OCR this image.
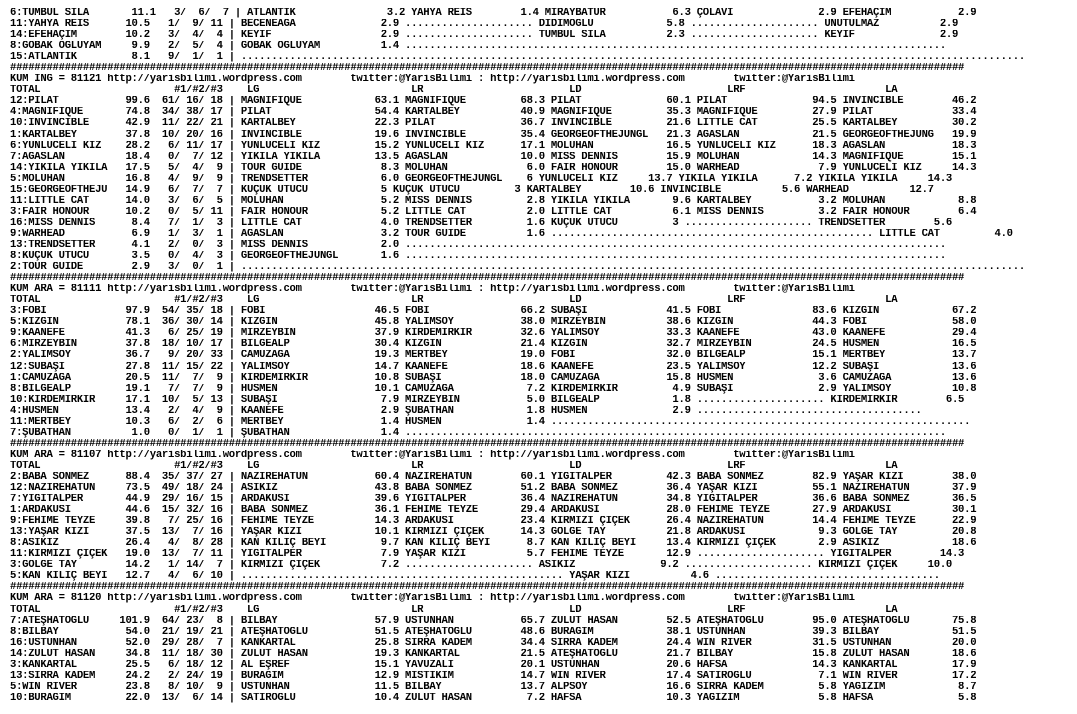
6:TUMBUL SILA       11.1   3/  6/  7 | ATLANTİK               3.2 YAHYA REİS        1.4 MİRAYBATUR           6.3 ÇÖLAVİ              2.9 EFEHAÇIM           2.9
11:YAHYA REİS      10.5   1/  9/ 11 | BECENEAĞA              2.9 ..................... DİDİMOĞLU            5.8 ..................... UNUTULMAZ          2.9
14:EFEHAÇIM        10.2   3/  4/  4 | KEYİF                  2.9 ..................... TUMBUL SILA          2.3 ..................... KEYİF              2.9
8:GOBAK OĞLUYAM     9.9   2/  5/  4 | GOBAK OĞLUYAM          1.4 .........................................................................................
15:ATLANTİK         8.1   9/  1/  1 | .................................................................................................................................
#############################################################################################################################################################
KUM İNG = 81121 http://yarisbilimi.wordpress.com        twitter:@YarisBilimi : http://yarisbilimi.wordpress.com        twitter:@YarisBilimi
TOTAL                      #1/#2/#3    LG                         LR                        LD                        LRF                       LA
12:PILAT           99.6  61/ 16/ 18 | MAGNIFIQUE            63.1 MAGNIFIQUE         68.3 PILAT              60.1 PILAT              94.5 INVINCIBLE        46.2
4:MAGNIFIQUE       74.8  34/ 38/ 17 | PILAT                 54.4 KARTALBEY          40.9 MAGNIFIQUE         35.3 MAGNIFIQUE         27.9 PILAT             33.4
10:INVINCIBLE      42.9  11/ 22/ 21 | KARTALBEY             22.3 PILAT              36.7 INVINCIBLE         21.6 LİTTLE CAT         25.5 KARTALBEY         30.2
1:KARTALBEY        37.8  10/ 20/ 16 | INVINCIBLE            19.6 INVINCIBLE         35.4 GEORGEOFTHEJUNGL   21.3 AĞASLAN            21.5 GEORGEOFTHEJUNG   19.9
6:YÜNLÜCELİ KIZ    28.2   6/ 11/ 17 | YÜNLÜCELİ KIZ         15.2 YÜNLÜCELİ KIZ      17.1 MOLUHAN            16.5 YÜNLÜCELİ KIZ      18.3 AĞASLAN           18.3
7:AĞASLAN          18.4   0/  7/ 12 | YIKILA YIKILA         13.5 AĞASLAN            10.0 MİSS DENNİS        15.9 MOLUHAN            14.3 MAGNIFIQUE        15.1
14:YIKILA YIKILA   17.5   5/  4/  9 | TOUR GUİDE             8.3 MOLUHAN             6.0 FAIR HONOUR        15.0 WARHEAD             7.9 YÜNLÜCELİ KIZ     14.3
5:MOLUHAN          16.8   4/  9/  9 | TRENDSETTER            6.0 GEORGEOFTHEJUNGL    6 YÜNLÜCELİ KIZ     13.7 YIKILA YIKILA      7.2 YIKILA YIKILA     14.3
15:GEORGEOFTHEJU   14.9   6/  7/  7 | KÜÇÜK ÜTÜCÜ            5 KÜÇÜK ÜTÜCÜ         3 KARTALBEY        10.6 INVINCIBLE          5.6 WARHEAD          12.7
11:LİTTLE CAT      14.0   3/  6/  5 | MOLUHAN                5.2 MİSS DENNİS         2.8 YIKILA YIKILA       9.6 KARTALBEY           3.2 MOLUHAN            8.8
3:FAIR HONOUR      10.2   0/  5/ 11 | FAIR HONOUR            5.2 LİTTLE CAT          2.0 LİTTLE CAT          6.1 MİSS DENNİS         3.2 FAIR HONOUR        6.4
16:MİSS DENNİS      8.4   7/  1/  3 | LİTTLE CAT             4.0 TRENDSETTER         1.6 KÜÇÜK ÜTÜCÜ         3 ..................... TRENDSETTER        5.6
9:WARHEAD           6.9   1/  3/  1 | AĞASLAN                3.2 TOUR GUİDE          1.6 ..................................................... LİTTLE CAT         4.0
13:TRENDSETTER      4.1   2/  0/  3 | MİSS DENNİS            2.0 .........................................................................................
8:KÜÇÜK ÜTÜCÜ       3.5   0/  4/  3 | GEORGEOFTHEJUNGL       1.6 .........................................................................................
2:TOUR GUİDE        2.9   3/  0/  1 | .................................................................................................................................
#############################################################################################################################################################
KUM ARA = 81111 http://yarisbilimi.wordpress.com        twitter:@YarisBilimi : http://yarisbilimi.wordpress.com        twitter:@YarisBilimi
TOTAL                      #1/#2/#3    LG                         LR                        LD                        LRF                       LA
3:FOBİ             97.9  54/ 35/ 18 | FOBİ                  46.5 FOBİ               66.2 SUBAŞI             41.5 FOBİ               83.6 KIZGIN            67.2
5:KIZGIN           78.1  36/ 30/ 14 | KIZGIN                45.8 YALIMSOY           38.0 MİRZEYBİN          38.6 KIZGIN             44.3 FOBİ              58.0
9:KAANEFE          41.3   6/ 25/ 19 | MİRZEYBİN             37.9 KİRDEMİRKIR        32.6 YALIMSOY           33.3 KAANEFE            43.0 KAANEFE           29.4
6:MİRZEYBİN        37.8  18/ 10/ 17 | BİLGEALP              30.4 KIZGIN             21.4 KIZGIN             32.7 MİRZEYBİN          24.5 HÜSMEN            16.5
2:YALIMSOY         36.7   9/ 20/ 33 | CAMUZAĞA              19.3 MERTBEY            19.0 FOBİ               32.0 BİLGEALP           15.1 MERTBEY           13.7
12:SUBAŞI          27.8  11/ 15/ 22 | YALIMSOY              14.7 KAANEFE            18.6 KAANEFE            23.5 YALIMSOY           12.2 SUBAŞI            13.6
1:CAMUZAĞA         20.5  11/  7/  9 | KİRDEMİRKIR           10.8 SUBAŞI             18.0 CAMUZAĞA           15.8 HÜSMEN              3.6 CAMUZAĞA          13.6
8:BİLGEALP         19.1   7/  7/  9 | HÜSMEN                10.1 CAMUZAĞA            7.2 KİRDEMİRKIR         4.9 SUBAŞI              2.9 YALIMSOY          10.8
10:KİRDEMİRKIR     17.1  10/  5/ 13 | SUBAŞI                 7.9 MİRZEYBİN           5.0 BİLGEALP            1.8 ..................... KİRDEMİRKIR        6.5
4:HÜSMEN           13.4   2/  4/  9 | KAANEFE                2.9 ŞUBATHAN            1.8 HÜSMEN              2.9 .....................................
11:MERTBEY         10.3   6/  2/  6 | MERTBEY                1.4 HÜSMEN              1.4 .....................................................................
7:ŞUBATHAN          1.0   0/  1/  1 | ŞUBATHAN               1.4 .........................................................................................
#############################################################################################################################################################
KUM ARA = 81107 http://yarisbilimi.wordpress.com        twitter:@YarisBilimi : http://yarisbilimi.wordpress.com        twitter:@YarisBilimi
TOTAL                      #1/#2/#3    LG                         LR                        LD                        LRF                       LA
2:BABA SÖNMEZ      88.4  35/ 37/ 27 | NAZİREHATUN           60.4 NAZİREHATUN        60.1 YİĞİTALPER         42.3 BABA SÖNMEZ        82.9 YAŞAR KIZI        38.0
12:NAZİREHATUN     73.5  49/ 18/ 24 | ASİKIZ                43.8 BABA SÖNMEZ        51.2 BABA SÖNMEZ        36.4 YAŞAR KIZI         55.1 NAZİREHATUN       37.9
7:YİĞİTALPER       44.9  29/ 16/ 15 | ARDAKUSİ              39.6 YİĞİTALPER         36.4 NAZİREHATUN        34.8 YİĞİTALPER         36.6 BABA SÖNMEZ       36.5
1:ARDAKUSİ         44.6  15/ 32/ 16 | BABA SÖNMEZ           36.1 FEHİME TEYZE       29.4 ARDAKUSİ           28.0 FEHİME TEYZE       27.9 ARDAKUSİ          30.1
9:FEHİME TEYZE     39.8   7/ 25/ 16 | FEHİME TEYZE          14.3 ARDAKUSİ           23.4 KIRMIZI ÇİÇEK      26.4 NAZİREHATUN        14.4 FEHİME TEYZE      22.9
13:YAŞAR KIZI      37.5  13/  7/ 16 | YAŞAR KIZI            10.1 KIRMIZI ÇİÇEK      14.3 GÖLGE TAY          21.8 ARDAKUSİ            9.3 GÖLGE TAY         20.8
8:ASİKIZ           26.4   4/  8/ 28 | KAN KILIÇ BEYİ         9.7 KAN KILIÇ BEYİ      8.7 KAN KILIÇ BEYİ     13.4 KIRMIZI ÇİÇEK       2.9 ASİKIZ            18.6
11:KIRMIZI ÇİÇEK   19.0  13/  7/ 11 | YİĞİTALPER             7.9 YAŞAR KIZI          5.7 FEHİME TEYZE       12.9 ..................... YİĞİTALPER        14.3
3:GÖLGE TAY        14.2   1/ 14/  7 | KIRMIZI ÇİÇEK          7.2 ..................... ASİKIZ              9.2 ..................... KIRMIZI ÇİÇEK     10.0
5:KAN KILIÇ BEYİ   12.7   4/  6/ 10 | ..................................................... YAŞAR KIZI          4.6 .....................................
#############################################################################################################################################################
KUM ARA = 81120 http://yarisbilimi.wordpress.com        twitter:@YarisBilimi : http://yarisbilimi.wordpress.com        twitter:@YarisBilimi
TOTAL                      #1/#2/#3    LG                         LR                        LD                        LRF                       LA
7:ATEŞHATOĞLU     101.9  64/ 23/  8 | BİLBAY                57.9 ÜSTÜNHAN           65.7 ZULUT HASAN        52.5 ATEŞHATOĞLU        95.0 ATEŞHATOĞLU       75.8
8:BİLBAY           54.0  21/ 19/ 21 | ATEŞHATOĞLU           51.5 ATEŞHATOĞLU        48.6 BURAĞIM            38.1 ÜSTÜNHAN           39.3 BİLBAY            51.5
16:ÜSTÜNHAN        52.0  29/ 28/  7 | KANKARTAL             25.8 SIRRA KADEM        34.4 SIRRA KADEM        24.4 WİN RİVER          31.5 ÜSTÜNHAN          20.0
14:ZULUT HASAN     34.8  11/ 18/ 30 | ZULUT HASAN           19.3 KANKARTAL          21.5 ATEŞHATOĞLU        21.7 BİLBAY             15.8 ZULUT HASAN       18.6
3:KANKARTAL        25.5   6/ 18/ 12 | AL EŞREF              15.1 YAVUZALİ           20.1 ÜSTÜNHAN           20.6 HAFSA              14.3 KANKARTAL         17.9
13:SIRRA KADEM     24.2   2/ 24/ 19 | BURAĞIM               12.9 MİSTİKIM           14.7 WİN RİVER          17.4 SATIROĞLU           7.1 WİN RİVER         17.2
5:WİN RİVER        23.8   8/ 10/  9 | ÜSTÜNHAN              11.5 BİLBAY             13.7 ALPSOY             16.6 SIRRA KADEM         5.8 YAĞIZIM            8.7
10:BURAĞIM         22.0  13/  6/ 14 | SATIROĞLU             10.4 ZULUT HASAN         7.2 HAFSA              10.3 YAĞIZIM             5.8 HAFSA              5.8
